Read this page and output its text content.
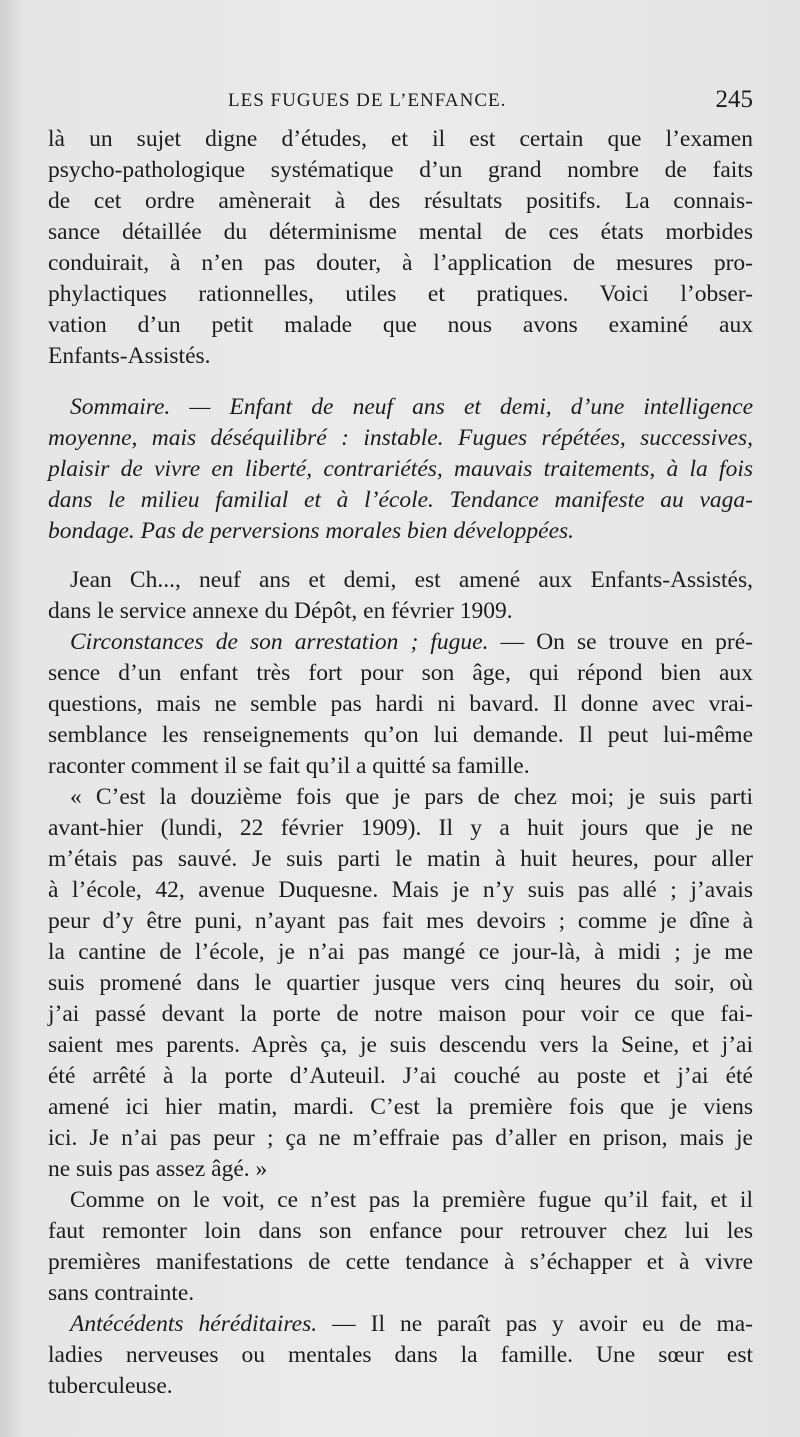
LES FUGUES DE L’ENFANCE.	245
là un sujet digne d’études, et il est certain que l’examen
psycho-pathologique systématique d’un grand nombre de faits
de cet ordre amènerait à des résultats positifs. La connais-
sance détaillée du déterminisme mental de ces états morbides
conduirait, à n’en pas douter, à l’application de mesures pro-
phylactiques rationnelles, utiles et pratiques. Voici l’obser-
vation d’un petit malade que nous avons examiné aux
Enfants-Assistés.
Sommaire. — Enfant de neuf ans et demi, d’une intelligence
moyenne, mais déséquilibré : instable. Fugues répétées, successives,
plaisir de vivre en liberté, contrariétés, mauvais traitements, à la fois
dans le milieu familial et à l’école. Tendance manifeste au vaga-
bondage. Pas de perversions morales bien développées.
Jean Ch..., neuf ans et demi, est amené aux Enfants-Assistés,
dans le service annexe du Dépôt, en février 1909.
Circonstances de son arrestation ; fugue. — On se trouve en pré-
sence d’un enfant très fort pour son âge, qui répond bien aux
questions, mais ne semble pas hardi ni bavard. Il donne avec vrai-
semblance les renseignements qu’on lui demande. Il peut lui-même
raconter comment il se fait qu’il a quitté sa famille.
« C’est la douzième fois que je pars de chez moi; je suis parti
avant-hier (lundi, 22 février 1909). Il y a huit jours que je ne
m’étais pas sauvé. Je suis parti le matin à huit heures, pour aller
à l’école, 42, avenue Duquesne. Mais je n’y suis pas allé ; j’avais
peur d’y être puni, n’ayant pas fait mes devoirs ; comme je dîne à
la cantine de l’école, je n’ai pas mangé ce jour-là, à midi ; je me
suis promené dans le quartier jusque vers cinq heures du soir, où
j’ai passé devant la porte de notre maison pour voir ce que fai-
saient mes parents. Après ça, je suis descendu vers la Seine, et j’ai
été arrêté à la porte d’Auteuil. J’ai couché au poste et j’ai été
amené ici hier matin, mardi. C’est la première fois que je viens
ici. Je n’ai pas peur ; ça ne m’effraie pas d’aller en prison, mais je
ne suis pas assez âgé. »
Comme on le voit, ce n’est pas la première fugue qu’il fait, et il
faut remonter loin dans son enfance pour retrouver chez lui les
premières manifestations de cette tendance à s’échapper et à vivre
sans contrainte.
Antécédents héréditaires. — Il ne paraît pas y avoir eu de ma-
ladies nerveuses ou mentales dans la famille. Une sœur est
tuberculeuse.
